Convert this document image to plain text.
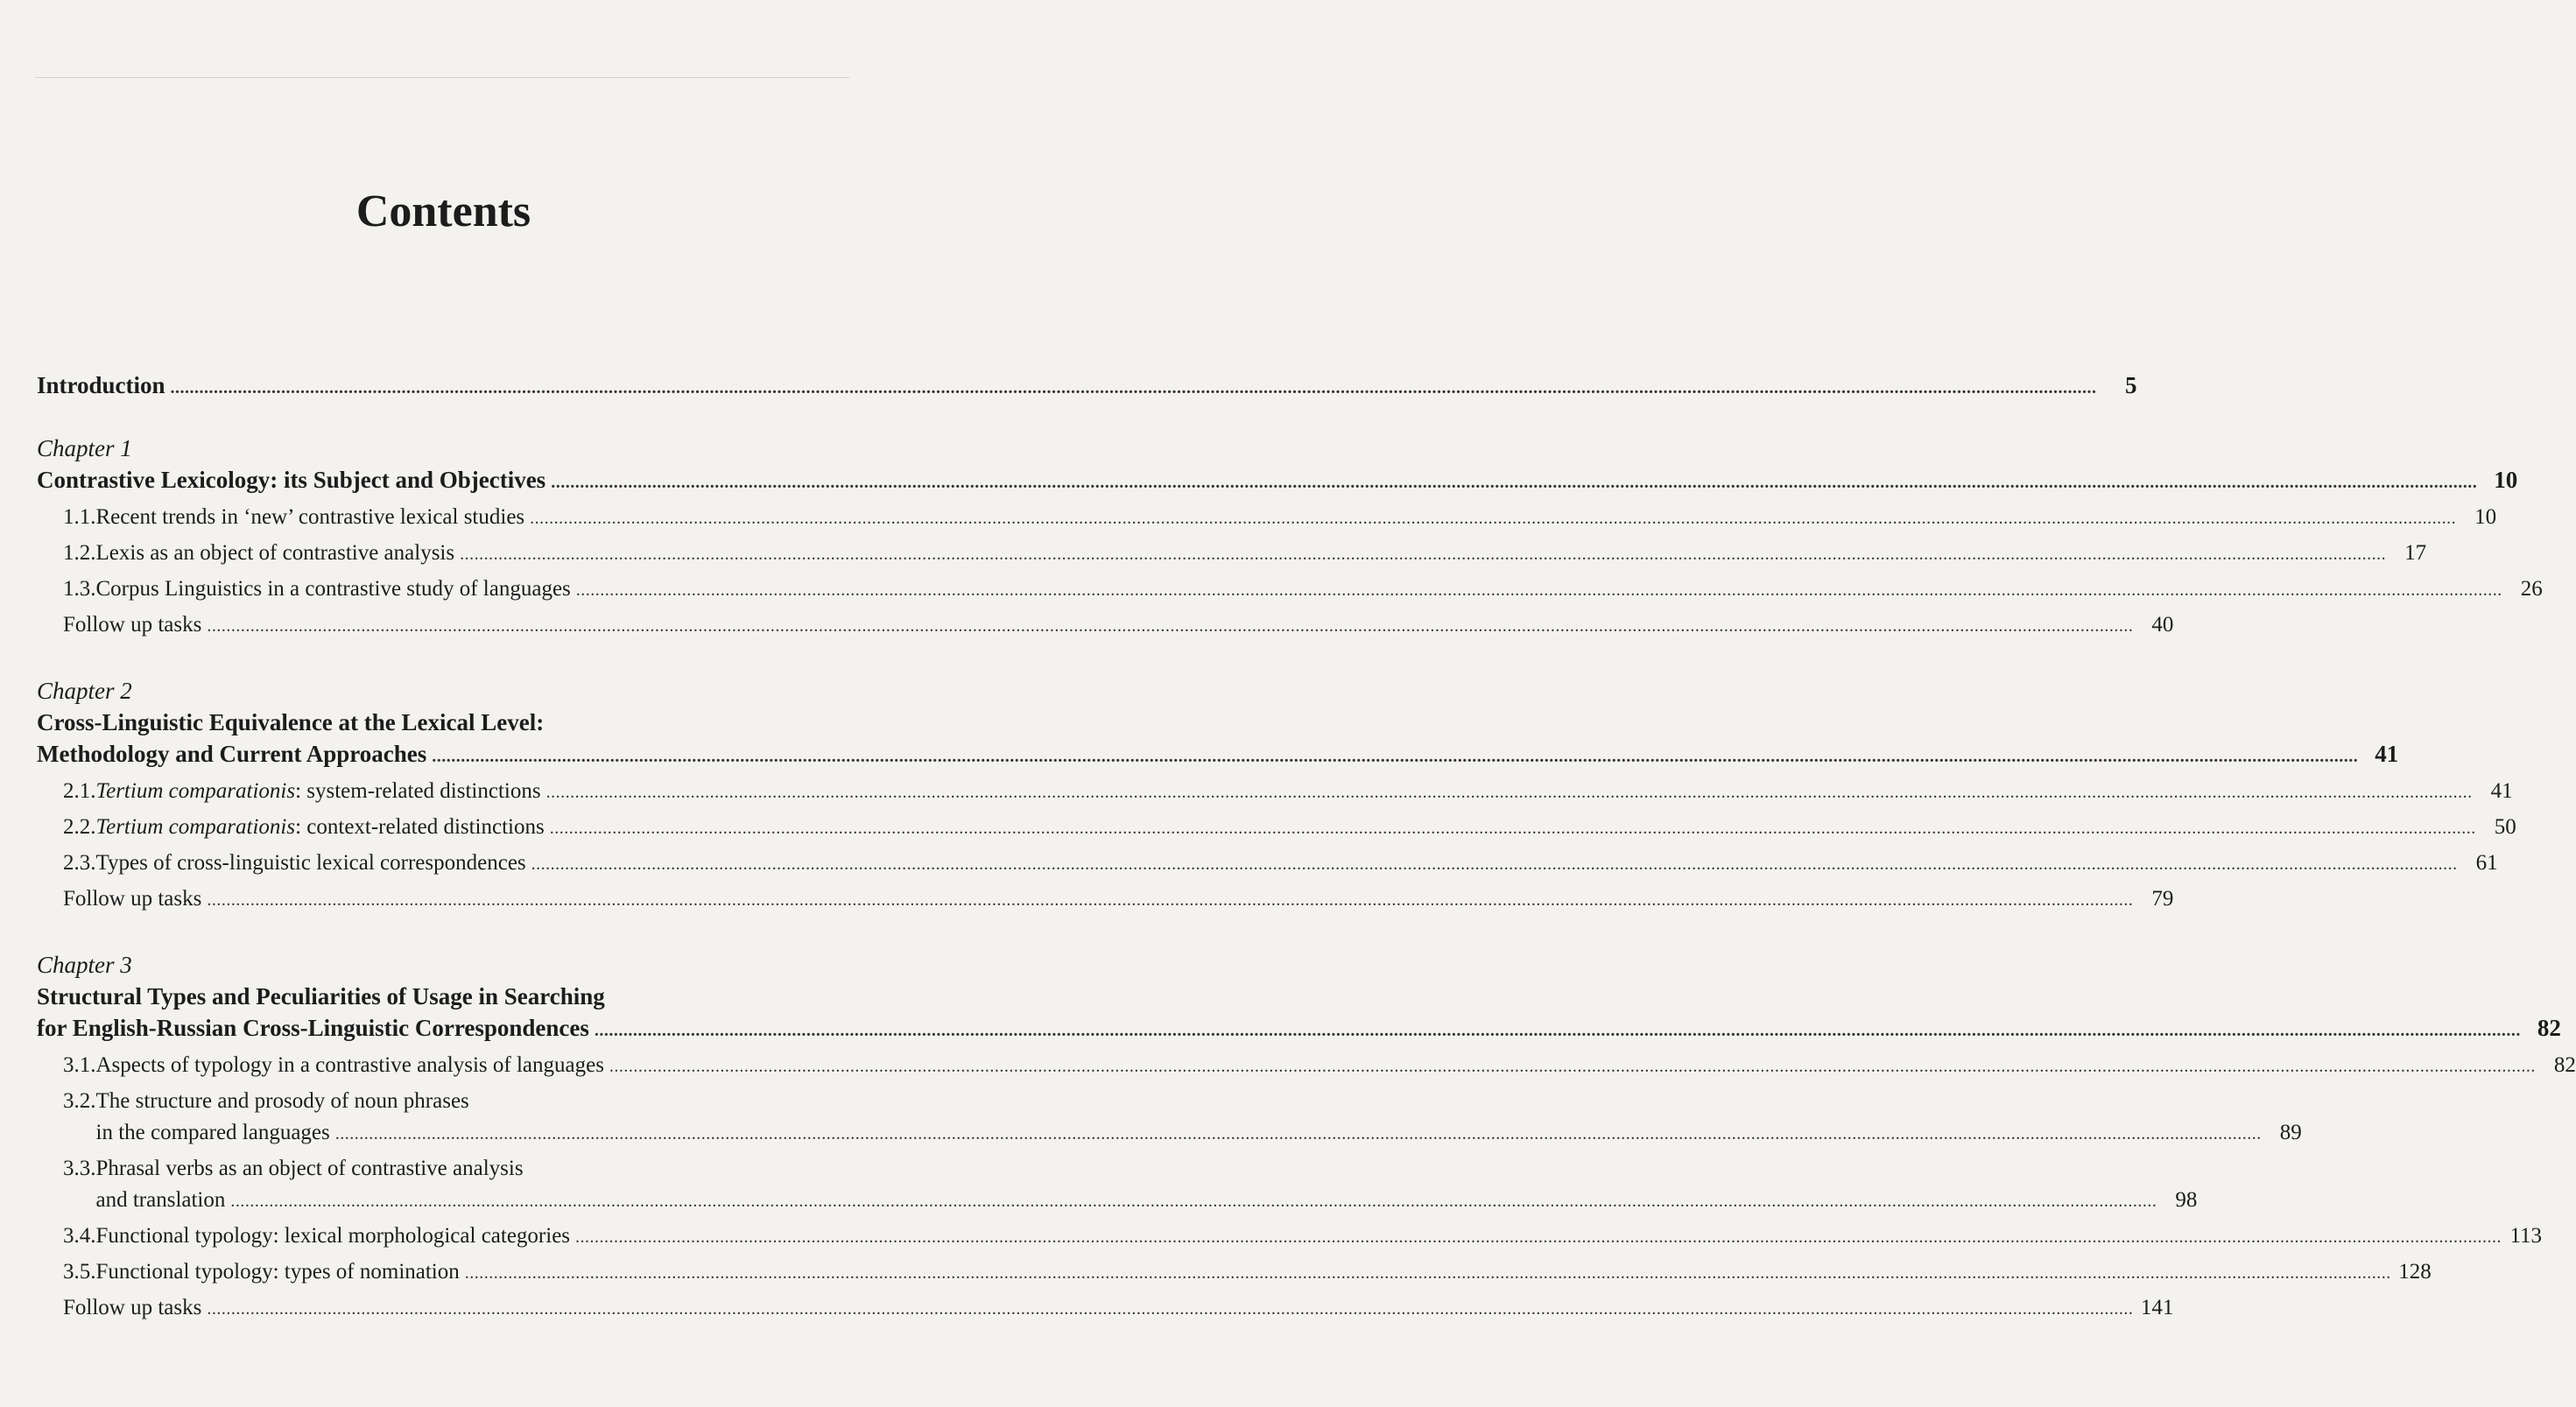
Contents
Introduction ................................................................................................................................................................................................................................................................................................................................................................................................................	5
Chapter 1
Contrastive Lexicology: its Subject and Objectives ................................................................................................................................................................................................................................................................................................................................................................................................................ 10
1.1. Recent trends in ‘new’ contrastive lexical studies ................................................................................................................................................................................................................................................................................................................................................................................................................ 10
1.2. Lexis as an object of contrastive analysis ................................................................................................................................................................................................................................................................................................................................................................................................................ 17
1.3. Corpus Linguistics in a contrastive study of languages ................................................................................................................................................................................................................................................................................................................................................................................................................ 26
Follow up tasks ................................................................................................................................................................................................................................................................................................................................................................................................................ 40
Chapter 2
Cross-Linguistic Equivalence at the Lexical Level:
Methodology and Current Approaches ................................................................................................................................................................................................................................................................................................................................................................................................................ 41
2.1. Tertium comparationis: system-related distinctions ................................................................................................................................................................................................................................................................................................................................................................................................................ 41
2.2. Tertium comparationis: context-related distinctions ................................................................................................................................................................................................................................................................................................................................................................................................................ 50
2.3. Types of cross-linguistic lexical correspondences ................................................................................................................................................................................................................................................................................................................................................................................................................ 61
Follow up tasks ................................................................................................................................................................................................................................................................................................................................................................................................................ 79
Chapter 3
Structural Types and Peculiarities of Usage in Searching
for English-Russian Cross-Linguistic Correspondences ................................................................................................................................................................................................................................................................................................................................................................................................................ 82
3.1. Aspects of typology in a contrastive analysis of languages ................................................................................................................................................................................................................................................................................................................................................................................................................ 82
3.2. The structure and prosody of noun phrases
in the compared languages ................................................................................................................................................................................................................................................................................................................................................................................................................ 89
3.3. Phrasal verbs as an object of contrastive analysis
and translation ................................................................................................................................................................................................................................................................................................................................................................................................................ 98
3.4. Functional typology: lexical morphological categories ................................................................................................................................................................................................................................................................................................................................................................................................................ 113
3.5. Functional typology: types of nomination ................................................................................................................................................................................................................................................................................................................................................................................................................ 128
Follow up tasks ................................................................................................................................................................................................................................................................................................................................................................................................................ 141
